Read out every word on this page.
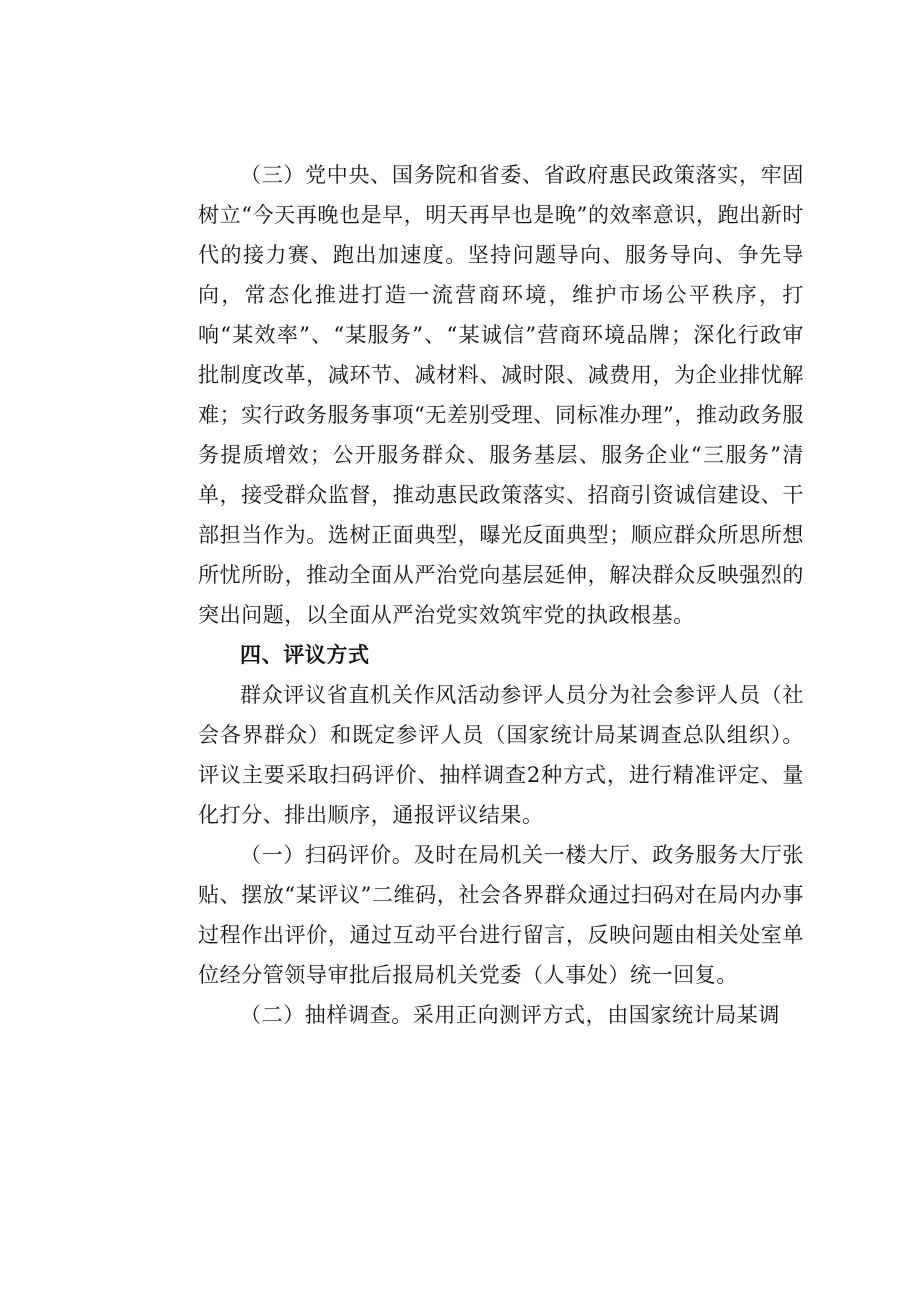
（三）党中央、国务院和省委、省政府惠民政策落实，牢固树立“今天再晚也是早，明天再早也是晚”的效率意识，跑出新时代的接力赛、跑出加速度。坚持问题导向、服务导向、争先导向，常态化推进打造一流营商环境，维护市场公平秩序，打响“某效率”、“某服务”、“某诚信”营商环境品牌；深化行政审批制度改革，减环节、减材料、减时限、减费用，为企业排忧解难；实行政务服务事项“无差别受理、同标准办理”，推动政务服务提质增效；公开服务群众、服务基层、服务企业“三服务”清单，接受群众监督，推动惠民政策落实、招商引资诚信建设、干部担当作为。选树正面典型，曝光反面典型；顺应群众所思所想所忧所盼，推动全面从严治党向基层延伸，解决群众反映强烈的突出问题，以全面从严治党实效筑牢党的执政根基。

四、评议方式

群众评议省直机关作风活动参评人员分为社会参评人员（社会各界群众）和既定参评人员（国家统计局某调查总队组织）。评议主要采取扫码评价、抽样调查2种方式，进行精准评定、量化打分、排出顺序，通报评议结果。

（一）扫码评价。及时在局机关一楼大厅、政务服务大厅张贴、摆放“某评议”二维码，社会各界群众通过扫码对在局内办事过程作出评价，通过互动平台进行留言，反映问题由相关处室单位经分管领导审批后报局机关党委（人事处）统一回复。

（二）抽样调查。采用正向测评方式，由国家统计局某调
